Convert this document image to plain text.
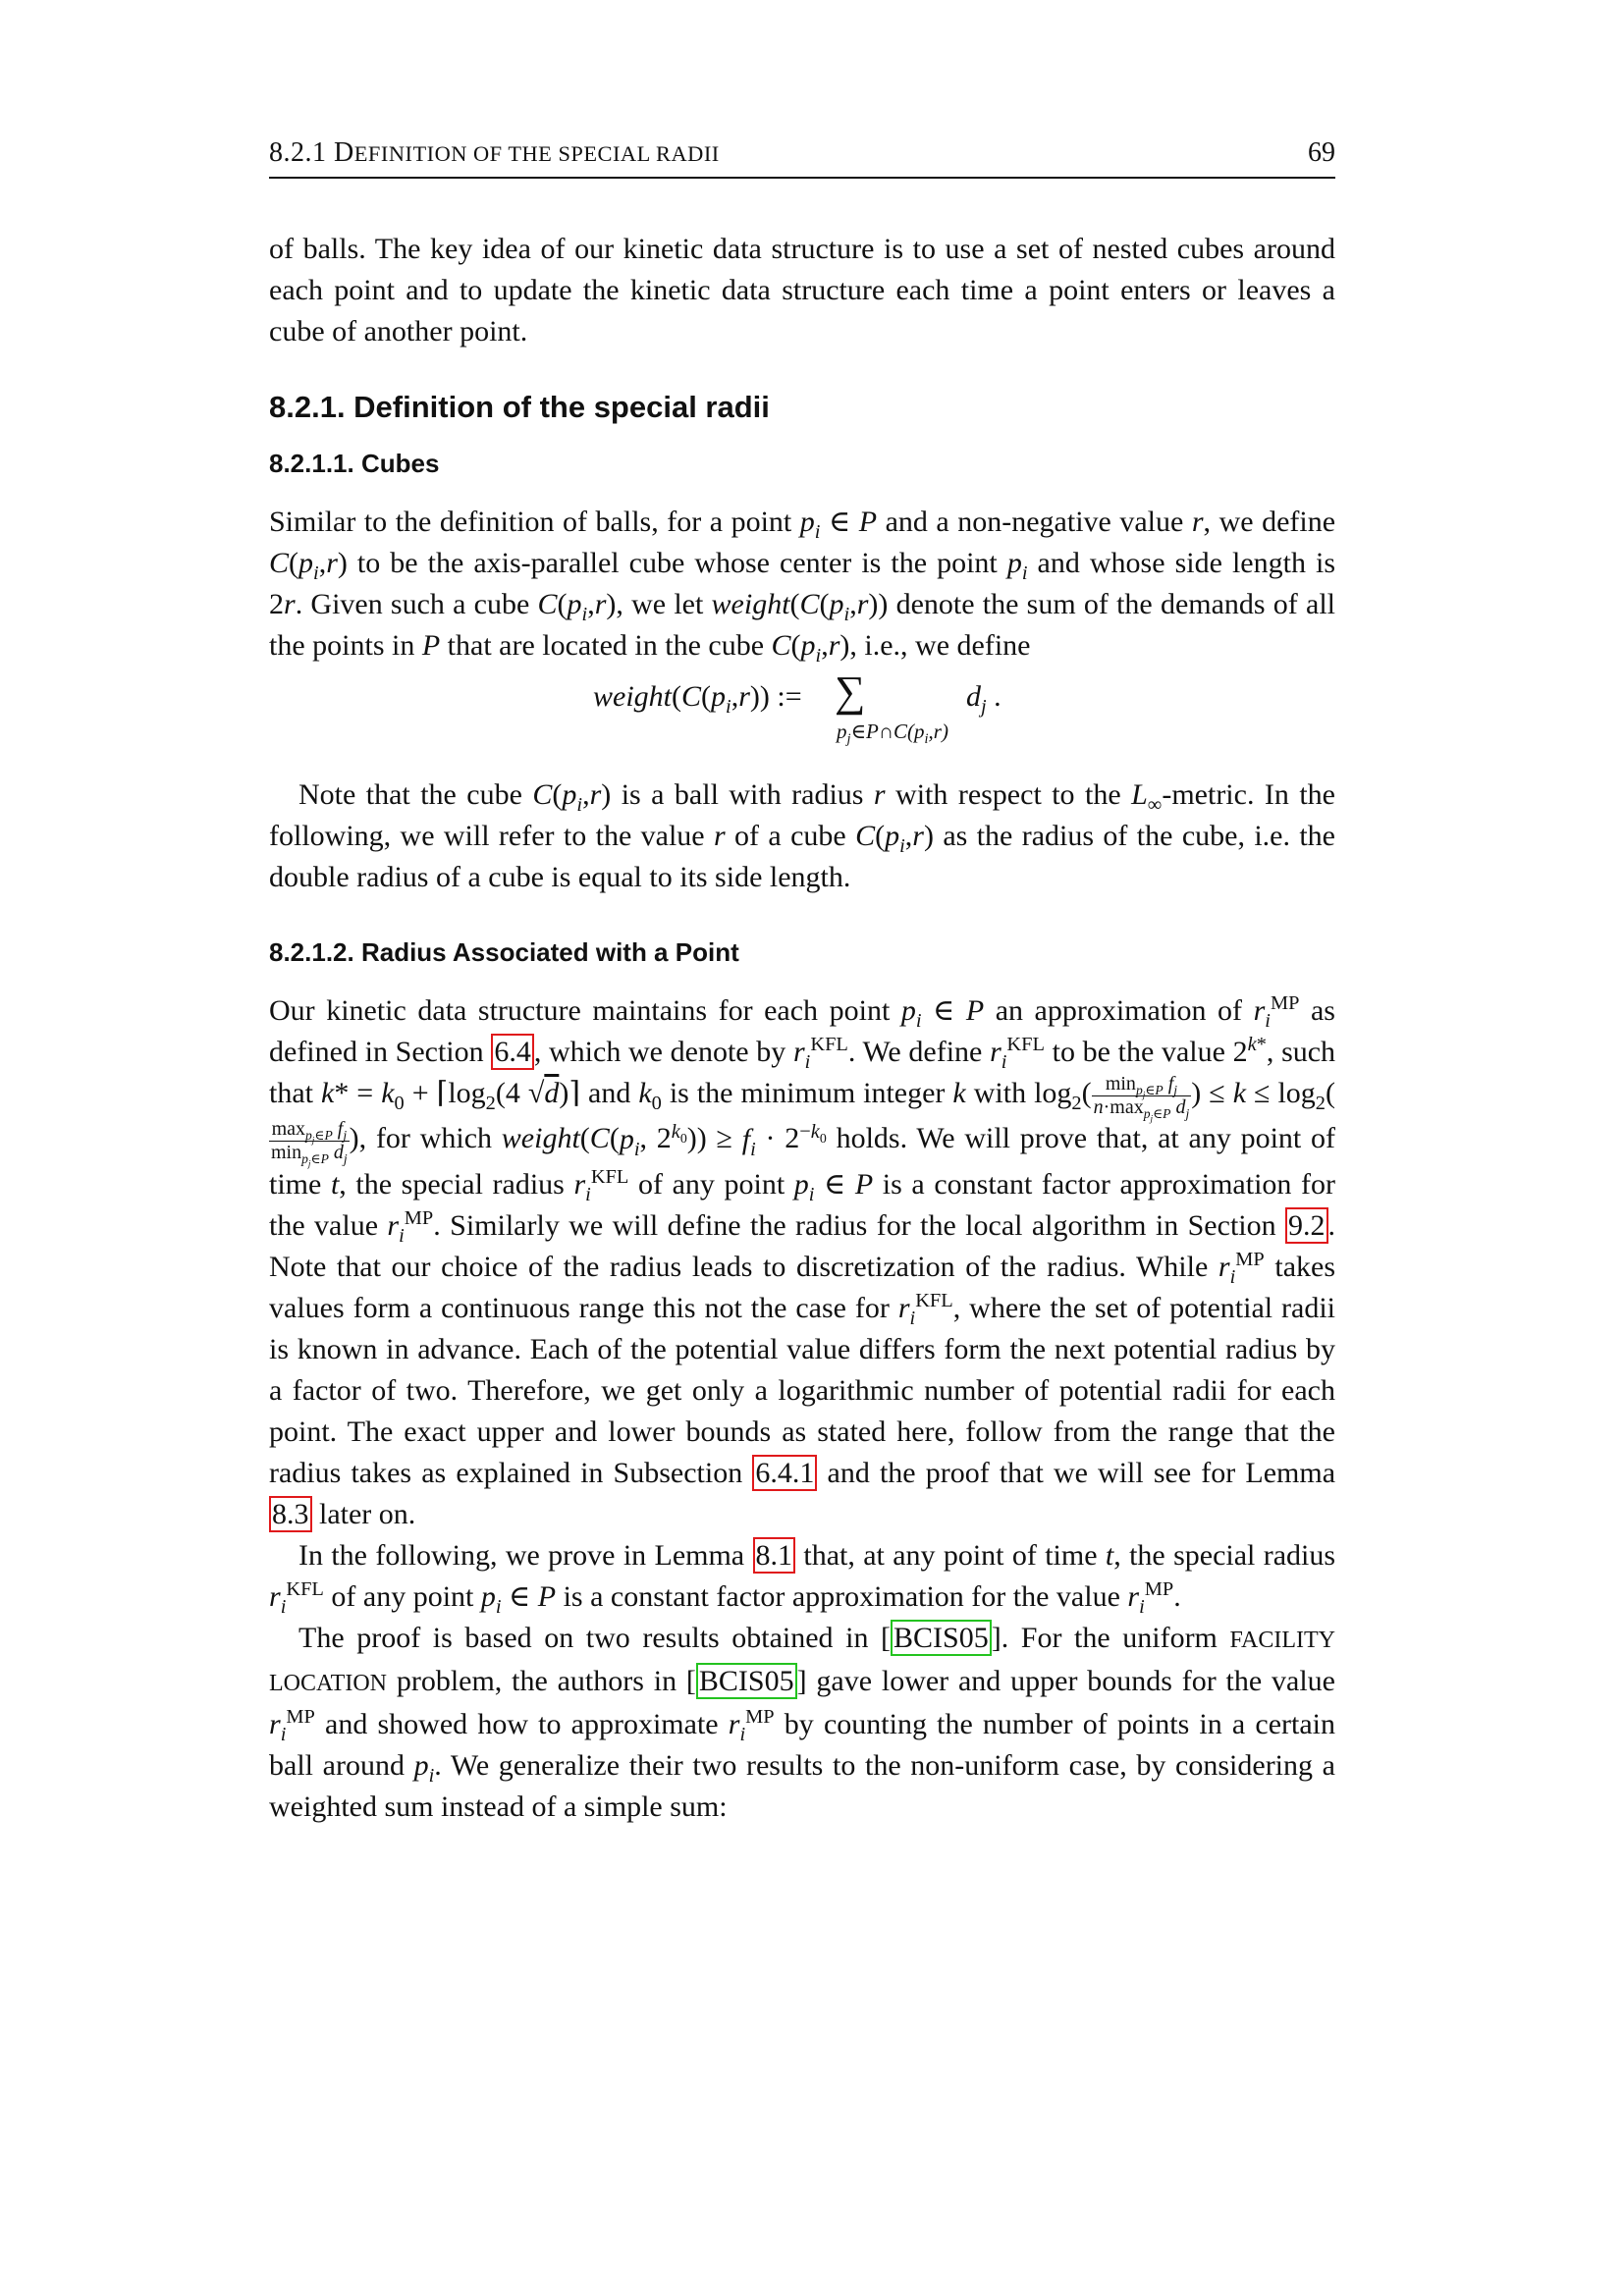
8.2.1 DEFINITION OF THE SPECIAL RADII	69

of balls. The key idea of our kinetic data structure is to use a set of nested cubes around each point and to update the kinetic data structure each time a point enters or leaves a cube of another point.

8.2.1. Definition of the special radii
8.2.1.1. Cubes

Similar to the definition of balls, for a point $p_i$ ∈ P and a non-negative value r, we define $C(p_i,r)$ to be the axis-parallel cube whose center is the point $p_i$ and whose side length is 2r. Given such a cube $C(p_i,r)$, we let $weight(C(p_i,r))$ denote the sum of the demands of all the points in P that are located in the cube $C(p_i,r)$, i.e., we define

$weight(C(p_i,r))$ := ∑
$p_j\in P\cap C(p_i,r)$
$d_j$ .

Note that the cube $C(p_i,r)$ is a ball with radius r with respect to the $L_\infty$-metric. In the following, we will refer to the value r of a cube $C(p_i,r)$ as the radius of the cube, i.e. the double radius of a cube is equal to its side length.

8.2.1.2. Radius Associated with a Point

Our kinetic data structure maintains for each point $p_i$ ∈ P an approximation of $r_i^{MP}$ as defined in Section 6.4 , which we denote by $r_i^{KFL}$. We define $r_i^{KFL}$ to be the value $2^{k*}$, such that $k* = k_0$ + $⌈\log_2(4$ √d)⌉ and $k_0$ is the minimum integer k with $\log_2( \frac{\min_{p_j\in P} f_j}{n\cdot\max_{p_j\in P} d_j}$ ) ≤ $k \le \log_2$(
$\frac{\max_{p_j\in P} f_j}{\min_{p_j\in P} d_j}$ ), for which $weight(C(p_i$, $2^{k_0})) \ge f_i \cdot 2^{-k_0}$ holds. We will prove that, at any point of time t, the special radius $r_i^{KFL}$ of any point $p_i$ ∈ P is a constant factor approximation for the value $r_i^{MP}$. Similarly we will define the radius for the local algorithm in Section 9.2 . Note that our choice of the radius leads to discretization of the radius. While $r_i^{MP}$ takes values form a continuous range this not the case for $r_i^{KFL}$, where the set of potential radii is known in advance. Each of the potential value differs form the next potential radius by a factor of two. Therefore, we get only a logarithmic number of potential radii for each point. The exact upper and lower bounds as stated here, follow from the range that the radius takes as explained in Subsection 6.4.1 and the proof that we will see for Lemma 8.3 later on.

In the following, we prove in Lemma 8.1 that, at any point of time t, the special radius $r_i^{KFL}$ of any point $p_i$ ∈ P is a constant factor approximation for the value $r_i^{MP}$.

The proof is based on two results obtained in [ BCIS05 ]. For the uniform FACILITY LOCATION problem, the authors in [ BCIS05 ] gave lower and upper bounds for the value $r_i^{MP}$ and showed how to approximate $r_i^{MP}$ by counting the number of points in a certain ball around $p_i$. We generalize their two results to the non-uniform case, by considering a weighted sum instead of a simple sum:
